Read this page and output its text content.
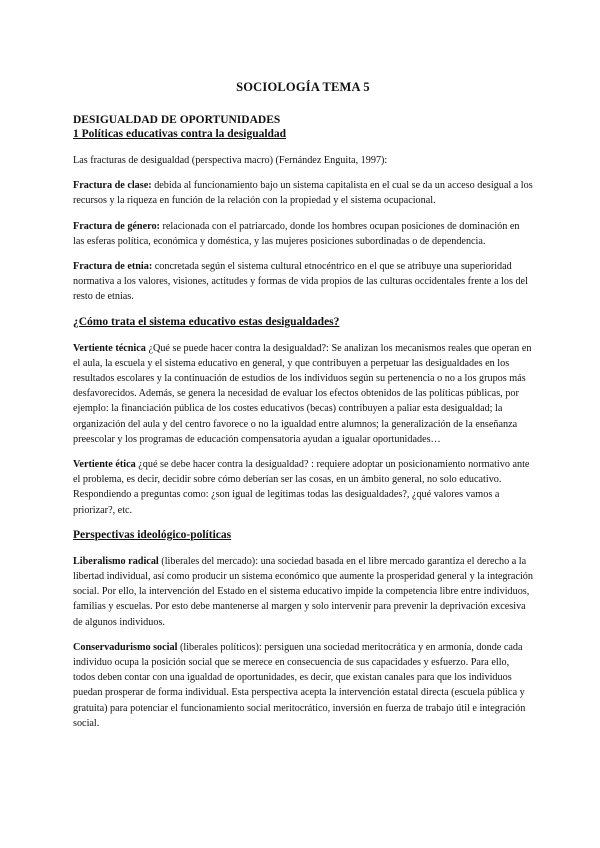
SOCIOLOGÍA TEMA 5
DESIGUALDAD DE OPORTUNIDADES
1 Políticas educativas contra la desigualdad

Las fracturas de desigualdad (perspectiva macro) (Fernández Enguita, 1997):

Fractura de clase: debida al funcionamiento bajo un sistema capitalista en el cual se da un acceso desigual a los recursos y la riqueza en función de la relación con la propiedad y el sistema ocupacional.

Fractura de género: relacionada con el patriarcado, donde los hombres ocupan posiciones de dominación en las esferas política, económica y doméstica, y las mujeres posiciones subordinadas o de dependencia.

Fractura de etnia: concretada según el sistema cultural etnocéntrico en el que se atribuye una superioridad normativa a los valores, visiones, actitudes y formas de vida propios de las culturas occidentales frente a los del resto de etnias.

¿Cómo trata el sistema educativo estas desigualdades?

Vertiente técnica ¿Qué se puede hacer contra la desigualdad?: Se analizan los mecanismos reales que operan en el aula, la escuela y el sistema educativo en general, y que contribuyen a perpetuar las desigualdades en los resultados escolares y la continuación de estudios de los individuos según su pertenencia o no a los grupos más desfavorecidos. Además, se genera la necesidad de evaluar los efectos obtenidos de las políticas públicas, por ejemplo: la financiación pública de los costes educativos (becas) contribuyen a paliar esta desigualdad; la organización del aula y del centro favorece o no la igualdad entre alumnos; la generalización de la enseñanza preescolar y los programas de educación compensatoria ayudan a igualar oportunidades…

Vertiente ética ¿qué se debe hacer contra la desigualdad? : requiere adoptar un posicionamiento normativo ante el problema, es decir, decidir sobre cómo deberían ser las cosas, en un ámbito general, no solo educativo. Respondiendo a preguntas como: ¿son igual de legítimas todas las desigualdades?, ¿qué valores vamos a priorizar?, etc.

Perspectivas ideológico-políticas

Liberalismo radical (liberales del mercado): una sociedad basada en el libre mercado garantiza el derecho a la libertad individual, así como producir un sistema económico que aumente la prosperidad general y la integración social. Por ello, la intervención del Estado en el sistema educativo impide la competencia libre entre individuos, familias y escuelas. Por esto debe mantenerse al margen y solo intervenir para prevenir la deprivación excesiva de algunos individuos.

Conservadurismo social (liberales políticos): persiguen una sociedad meritocrática y en armonía, donde cada individuo ocupa la posición social que se merece en consecuencia de sus capacidades y esfuerzo. Para ello, todos deben contar con una igualdad de oportunidades, es decir, que existan canales para que los individuos puedan prosperar de forma individual. Esta perspectiva acepta la intervención estatal directa (escuela pública y gratuita) para potenciar el funcionamiento social meritocrático, inversión en fuerza de trabajo útil e integración social.
